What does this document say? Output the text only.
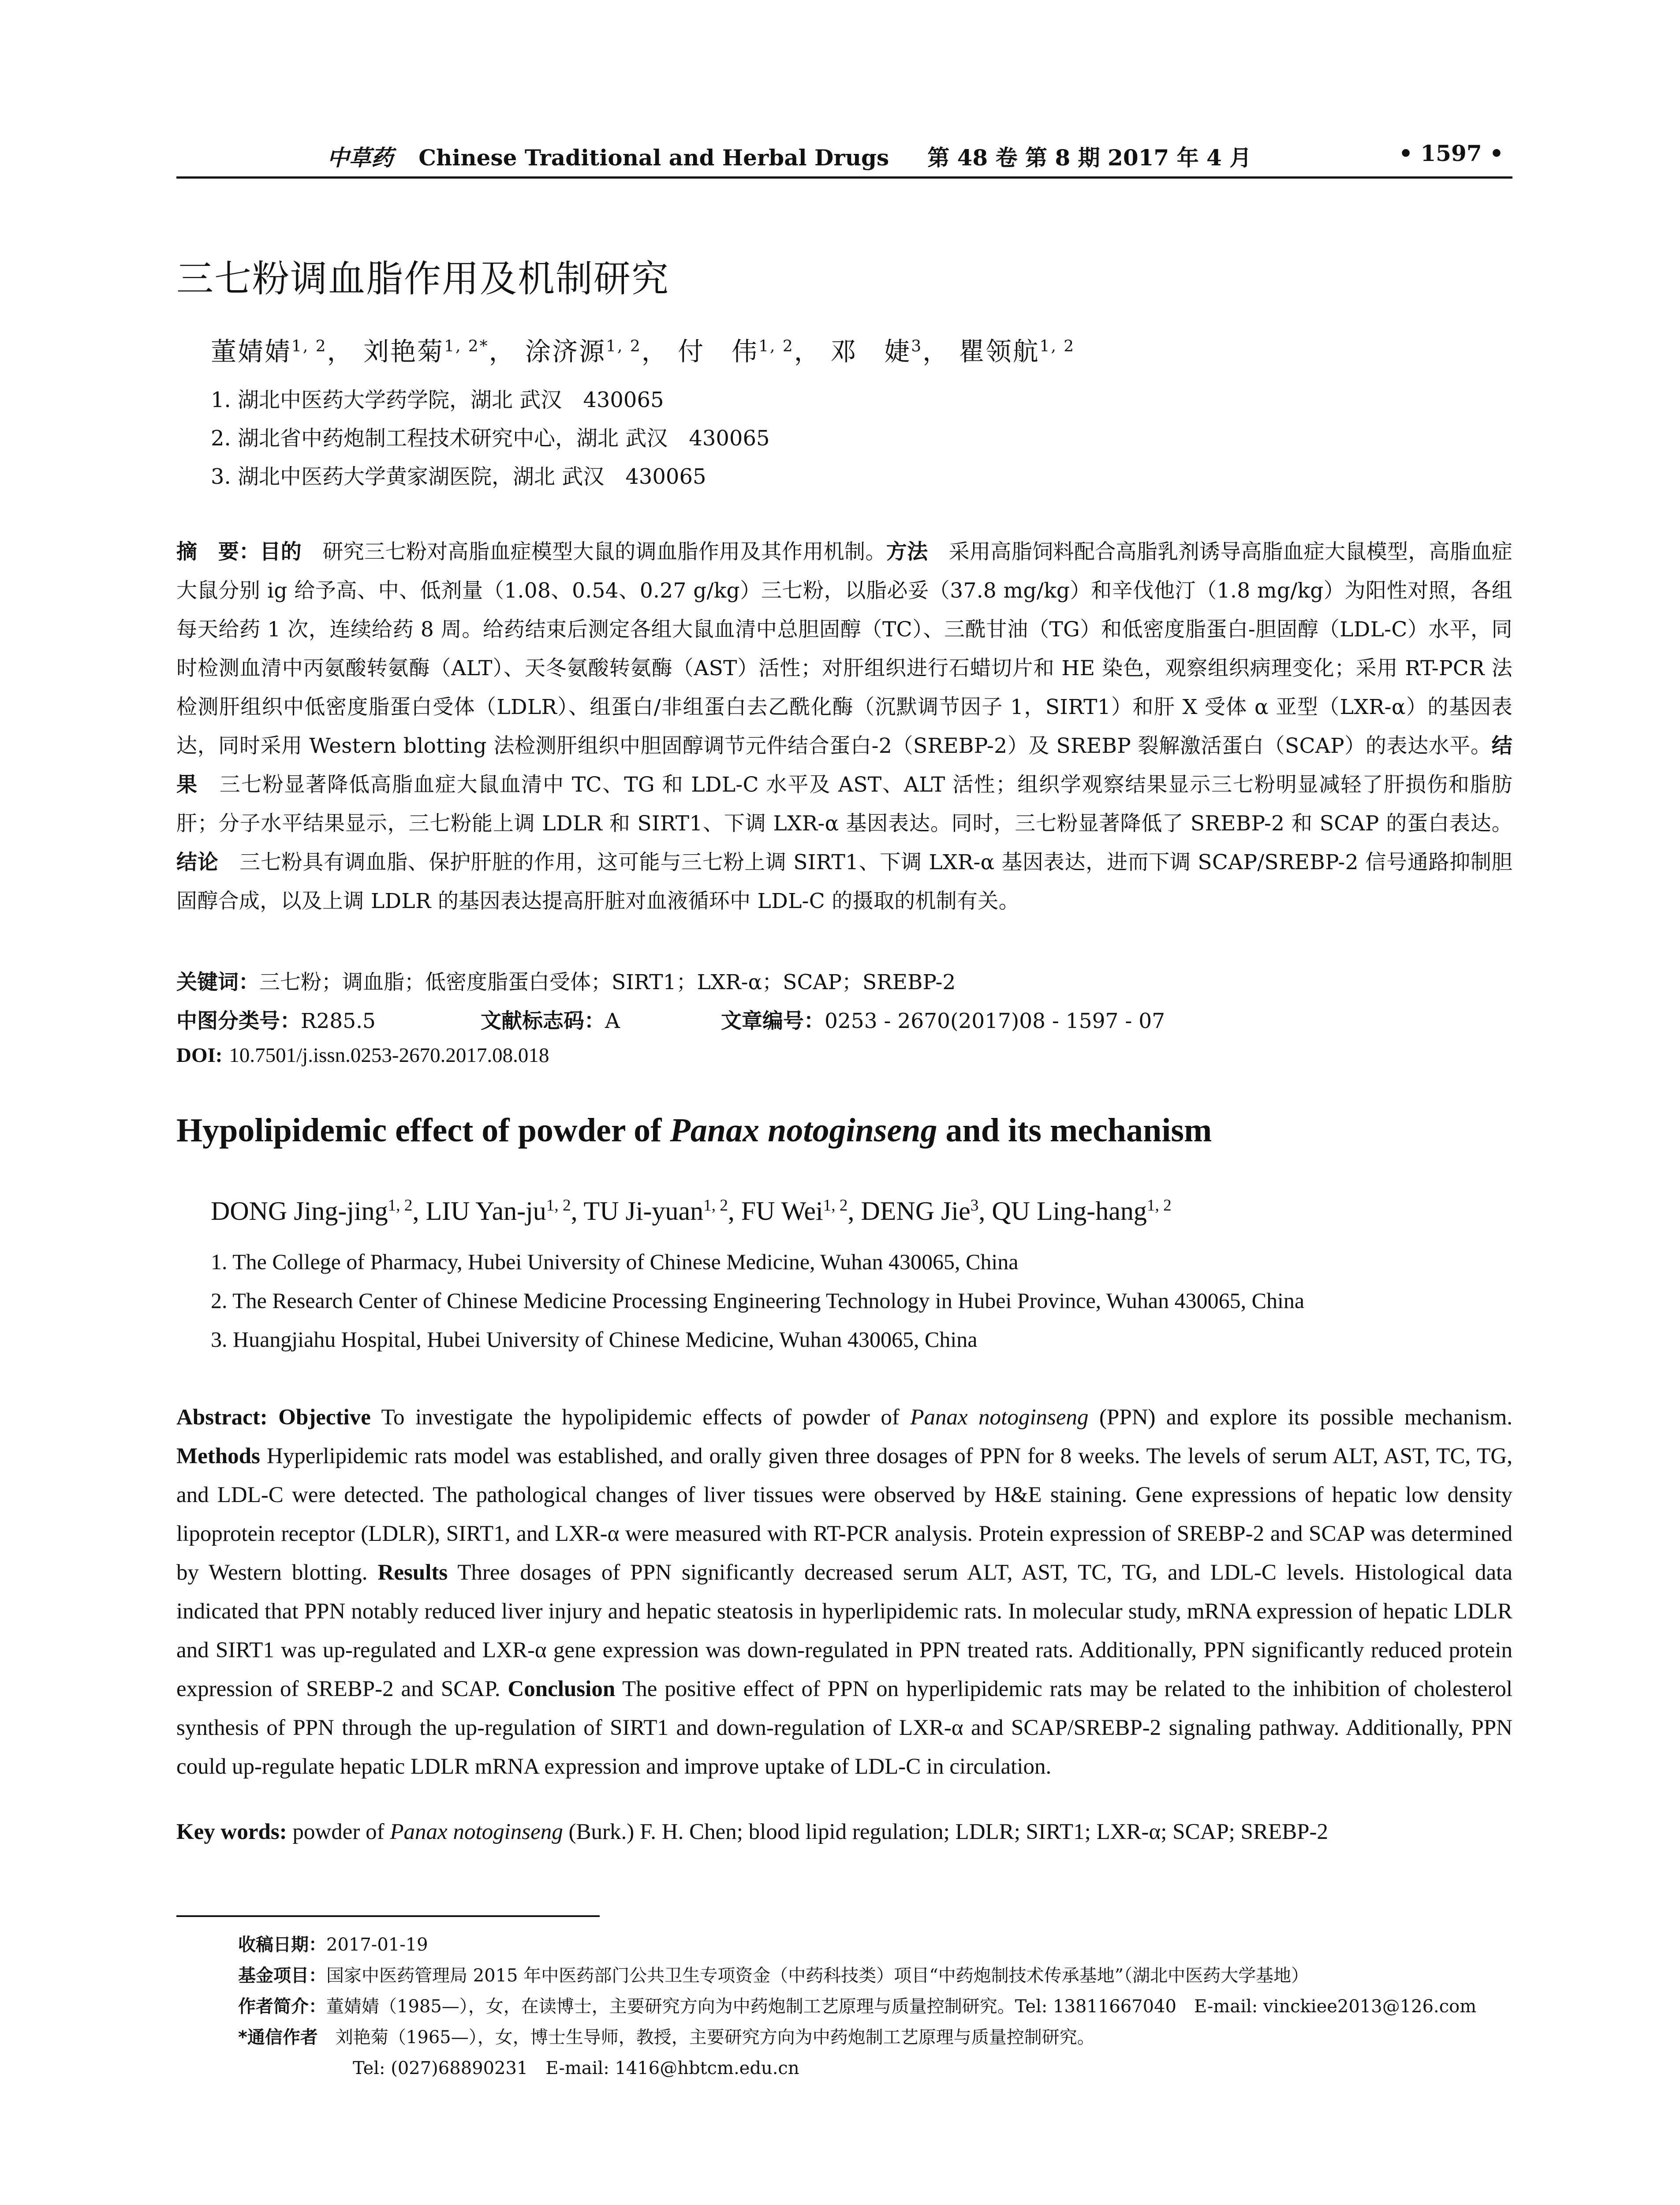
中草药 Chinese Traditional and Herbal Drugs 第 48 卷 第 8 期 2017 年 4 月	• 1597 •
三七粉调血脂作用及机制研究
董婧婧$^{1, 2}$， 刘艳菊$^{1, 2*}$， 涂济源$^{1, 2}$， 付　伟$^{1, 2}$， 邓　婕$^3$， 瞿领航$^{1, 2}$
1. 湖北中医药大学药学院，湖北 武汉　430065
2. 湖北省中药炮制工程技术研究中心，湖北 武汉　430065
3. 湖北中医药大学黄家湖医院，湖北 武汉　430065
摘　要：目的　研究三七粉对高脂血症模型大鼠的调血脂作用及其作用机制。方法　采用高脂饲料配合高脂乳剂诱导高脂血症大鼠模型，高脂血症大鼠分别 ig 给予高、中、低剂量（1.08、0.54、0.27 g/kg）三七粉，以脂必妥（37.8 mg/kg）和辛伐他汀（1.8 mg/kg）为阳性对照，各组每天给药 1 次，连续给药 8 周。给药结束后测定各组大鼠血清中总胆固醇（TC）、三酰甘油（TG）和低密度脂蛋白-胆固醇（LDL-C）水平，同时检测血清中丙氨酸转氨酶（ALT）、天冬氨酸转氨酶（AST）活性；对肝组织进行石蜡切片和 HE 染色，观察组织病理变化；采用 RT-PCR 法检测肝组织中低密度脂蛋白受体（LDLR）、组蛋白/非组蛋白去乙酰化酶（沉默调节因子 1，SIRT1）和肝 X 受体 α 亚型（LXR-α）的基因表达，同时采用 Western blotting 法检测肝组织中胆固醇调节元件结合蛋白-2（SREBP-2）及 SREBP 裂解激活蛋白（SCAP）的表达水平。结果　三七粉显著降低高脂血症大鼠血清中 TC、TG 和 LDL-C 水平及 AST、ALT 活性；组织学观察结果显示三七粉明显减轻了肝损伤和脂肪肝；分子水平结果显示，三七粉能上调 LDLR 和 SIRT1、下调 LXR-α 基因表达。同时，三七粉显著降低了 SREBP-2 和 SCAP 的蛋白表达。结论　三七粉具有调血脂、保护肝脏的作用，这可能与三七粉上调 SIRT1、下调 LXR-α 基因表达，进而下调 SCAP/SREBP-2 信号通路抑制胆固醇合成，以及上调 LDLR 的基因表达提高肝脏对血液循环中 LDL-C 的摄取的机制有关。
关键词：三七粉；调血脂；低密度脂蛋白受体；SIRT1；LXR-α；SCAP；SREBP-2
中图分类号：R285.5	文献标志码：A	文章编号：0253 - 2670(2017)08 - 1597 - 07
DOI: 10.7501/j.issn.0253-2670.2017.08.018
Hypolipidemic effect of powder of Panax notoginseng and its mechanism
DONG Jing-jing$^{1, 2}$, LIU Yan-ju$^{1, 2}$, TU Ji-yuan$^{1, 2}$, FU Wei$^{1, 2}$, DENG Jie$^3$, QU Ling-hang$^{1, 2}$
1. The College of Pharmacy, Hubei University of Chinese Medicine, Wuhan 430065, China
2. The Research Center of Chinese Medicine Processing Engineering Technology in Hubei Province, Wuhan 430065, China
3. Huangjiahu Hospital, Hubei University of Chinese Medicine, Wuhan 430065, China
Abstract: Objective To investigate the hypolipidemic effects of powder of Panax notoginseng (PPN) and explore its possible mechanism. Methods Hyperlipidemic rats model was established, and orally given three dosages of PPN for 8 weeks. The levels of serum ALT, AST, TC, TG, and LDL-C were detected. The pathological changes of liver tissues were observed by H&E staining. Gene expressions of hepatic low density lipoprotein receptor (LDLR), SIRT1, and LXR-α were measured with RT-PCR analysis. Protein expression of SREBP-2 and SCAP was determined by Western blotting. Results Three dosages of PPN significantly decreased serum ALT, AST, TC, TG, and LDL-C levels. Histological data indicated that PPN notably reduced liver injury and hepatic steatosis in hyperlipidemic rats. In molecular study, mRNA expression of hepatic LDLR and SIRT1 was up-regulated and LXR-α gene expression was down-regulated in PPN treated rats. Additionally, PPN significantly reduced protein expression of SREBP-2 and SCAP. Conclusion The positive effect of PPN on hyperlipidemic rats may be related to the inhibition of cholesterol synthesis of PPN through the up-regulation of SIRT1 and down-regulation of LXR-α and SCAP/SREBP-2 signaling pathway. Additionally, PPN could up-regulate hepatic LDLR mRNA expression and improve uptake of LDL-C in circulation.
Key words: powder of Panax notoginseng (Burk.) F. H. Chen; blood lipid regulation; LDLR; SIRT1; LXR-α; SCAP; SREBP-2
收稿日期：2017-01-19
基金项目：国家中医药管理局 2015 年中医药部门公共卫生专项资金（中药科技类）项目“中药炮制技术传承基地”（湖北中医药大学基地）
作者简介：董婧婧（1985—），女，在读博士，主要研究方向为中药炮制工艺原理与质量控制研究。Tel: 13811667040　E-mail: vinckiee2013@126.com
*通信作者　刘艳菊（1965—），女，博士生导师，教授，主要研究方向为中药炮制工艺原理与质量控制研究。
Tel: (027)68890231　E-mail: 1416@hbtcm.edu.cn
